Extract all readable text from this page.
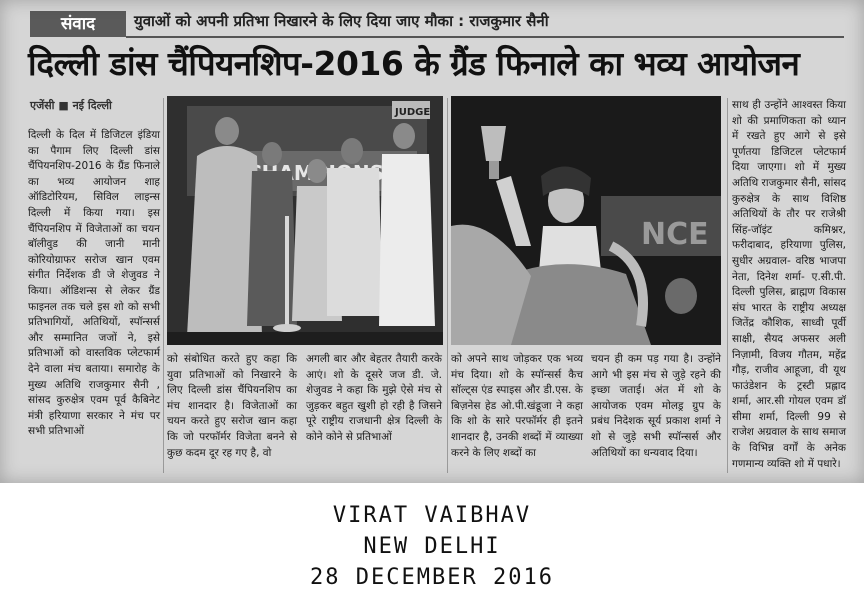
संवाद	युवाओं को अपनी प्रतिभा निखारने के लिए दिया जाए मौका : राजकुमार सैनी
दिल्ली डांस चैंपियनशिप-2016 के ग्रैंड फिनाले का भव्य आयोजन
एजेंसी ■ नई दिल्ली
JUDGE
NCE

दिल्ली के दिल में डिजिटल इंडिया का पैगाम लिए दिल्ली डांस चैंपियनशिप-2016 के ग्रैंड फिनाले का भव्य आयोजन शाह ऑडिटोरियम, सिविल लाइन्स दिल्ली में किया गया। इस चैंपियनशिप में विजेताओं का चयन बॉलीवुड की जानी मानी कोरियोग्राफर सरोज खान एवम संगीत निर्देशक डी जे शेजुवड ने किया। ऑडिशन्स से लेकर ग्रैंड फाइनल तक चले इस शो को सभी प्रतिभागियों, अतिथियों, स्पॉन्सर्स और सम्मानित जजों ने, इसे प्रतिभाओं को वास्तविक प्लेटफार्म देने वाला मंच बताया। समारोह के मुख्य अतिथि राजकुमार सैनी , सांसद कुरुक्षेत्र एवम पूर्व कैबिनेट मंत्री हरियाणा सरकार ने मंच पर सभी प्रतिभाओं

को संबोधित करते हुए कहा कि युवा प्रतिभाओं को निखारने के लिए दिल्ली डांस चैंपियनशिप का मंच शानदार है। विजेताओं का चयन करते हुए सरोज खान कहा कि जो परफॉर्मर विजेता बनने से कुछ कदम दूर रह गए है, वो

अगली बार और बेहतर तैयारी करके आएं। शो के दूसरे जज डी. जे. शेजुवड ने कहा कि मुझे ऐसे मंच से जुड़कर बहुत खुशी हो रही है जिसने पूरे राष्ट्रीय राजधानी क्षेत्र दिल्ली के कोने कोने से प्रतिभाओं

को अपने साथ जोड़कर एक भव्य मंच दिया। शो के स्पॉन्सर्स कैच सॉल्ट्स एंड स्पाइस और डी.एस. के बिज़नेस हेड ओ.पी.खंडूजा ने कहा कि शो के सारे परफॉर्मर ही इतने शानदार है, उनकी शब्दों में व्याख्या करने के लिए शब्दों का

चयन ही कम पड़ गया है। उन्होंने आगे भी इस मंच से जुड़े रहने की इच्छा जताई। अंत में शो के आयोजक एवम मोलड्र ग्रुप के प्रबंध निदेशक सूर्य प्रकाश शर्मा ने शो से जुड़े सभी स्पॉन्सर्स और अतिथियों का धन्यवाद दिया।

साथ ही उन्होंने आश्वस्त किया शो की प्रमाणिकता को ध्यान में रखते हुए आगे से इसे पूर्णतया डिजिटल प्लेटफार्म दिया जाएगा। शो में मुख्य अतिथि राजकुमार सैनी, सांसद कुरुक्षेत्र के साथ विशिष्ठ अतिथियों के तौर पर राजेश्री सिंह-जॉइंट कमिश्नर, फरीदाबाद, हरियाणा पुलिस, सुधीर अग्रवाल- वरिष्ठ भाजपा नेता, दिनेश शर्मा- ए.सी.पी. दिल्ली पुलिस, ब्राह्मण विकास संघ भारत के राष्ट्रीय अध्यक्ष जितेंद्र कौशिक, साध्वी पूर्वी साक्षी, सैयद अफसर अली निज़ामी, विजय गौतम, महेंद्र गौड़, राजीव आहूजा, वी यूथ फाउंडेशन के ट्रस्टी प्रह्लाद शर्मा, आर.सी गोयल एवम डॉ सीमा शर्मा, दिल्ली 99 से राजेश अग्रवाल के साथ समाज के विभिन्न वर्गों के अनेक गणमान्य व्यक्ति शो में पधारे।

VIRAT VAIBHAV
NEW DELHI
28 DECEMBER 2016
